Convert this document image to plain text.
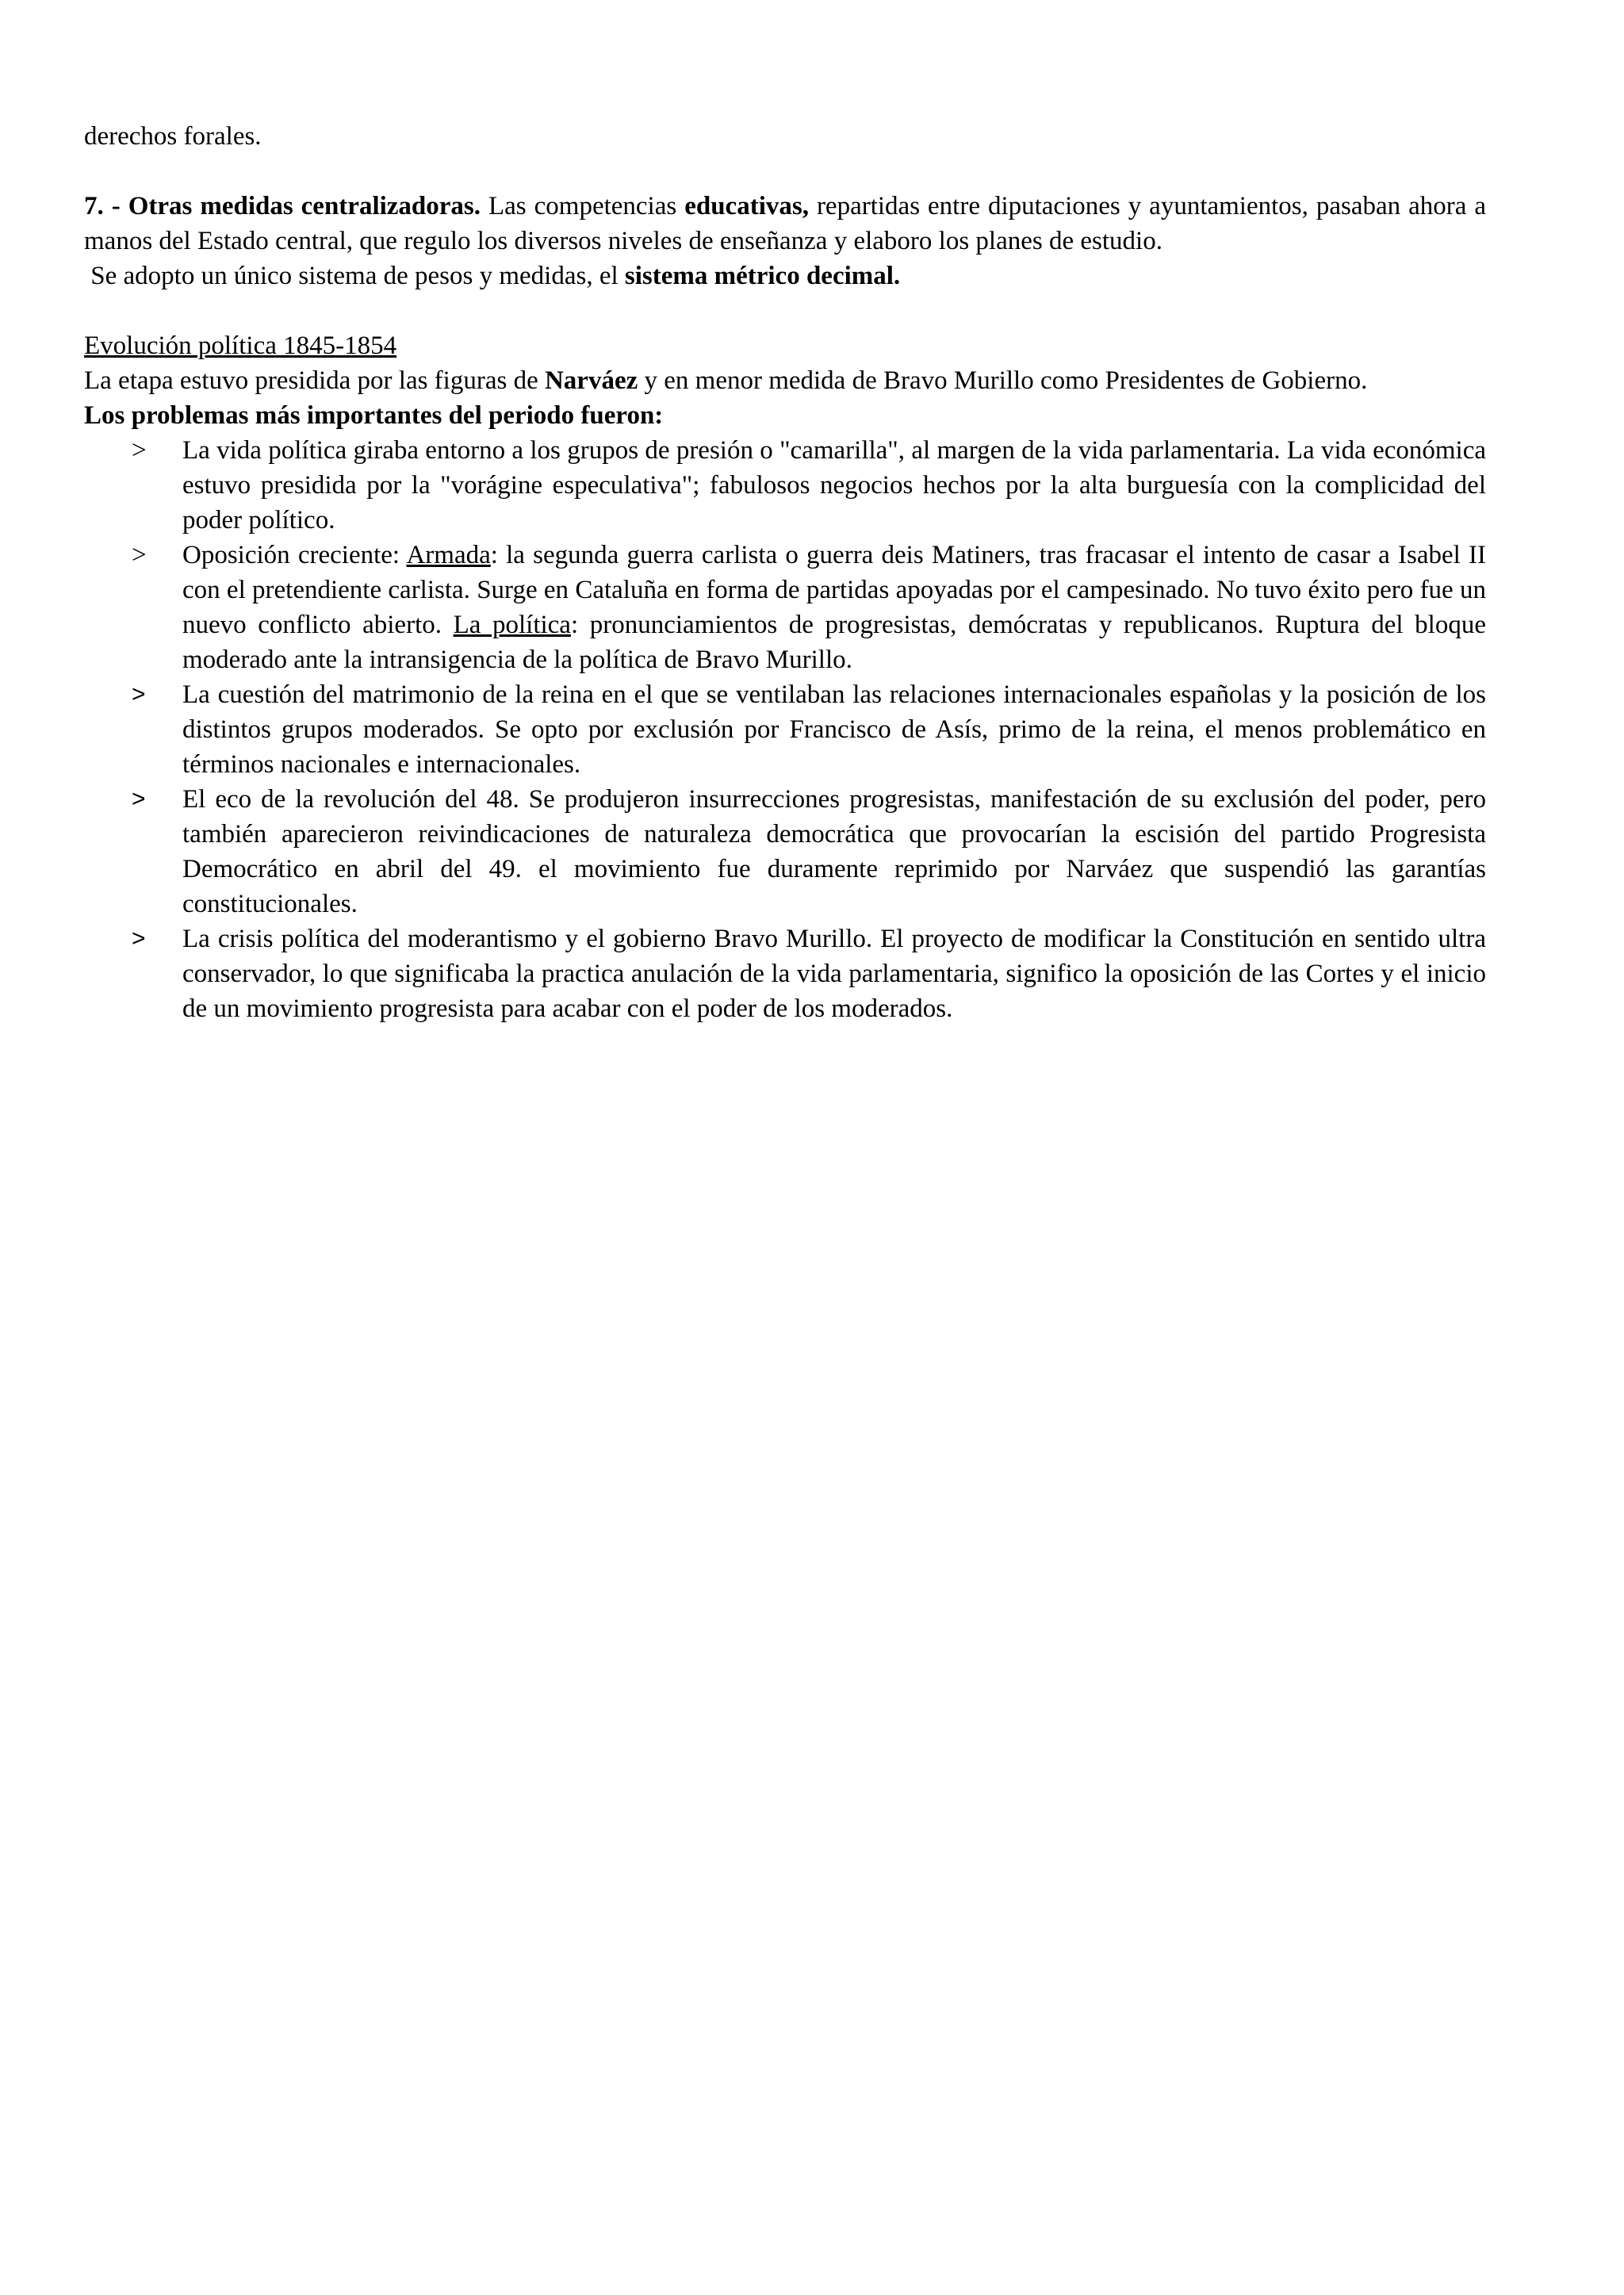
derechos forales.

7. - Otras medidas centralizadoras. Las competencias educativas, repartidas entre diputaciones y ayuntamientos, pasaban ahora a manos del Estado central, que regulo los diversos niveles de enseñanza y elaboro los planes de estudio.

Se adopto un único sistema de pesos y medidas, el sistema métrico decimal.

Evolución política 1845-1854

La etapa estuvo presidida por las figuras de Narváez y en menor medida de Bravo Murillo como Presidentes de Gobierno.

Los problemas más importantes del periodo fueron:

> La vida política giraba entorno a los grupos de presión o "camarilla", al margen de la vida parlamentaria. La vida económica estuvo presidida por la "vorágine especulativa"; fabulosos negocios hechos por la alta burguesía con la complicidad del poder político.
> Oposición creciente: Armada: la segunda guerra carlista o guerra deis Matiners, tras fracasar el intento de casar a Isabel II con el pretendiente carlista. Surge en Cataluña en forma de partidas apoyadas por el campesinado. No tuvo éxito pero fue un nuevo conflicto abierto. La política: pronunciamientos de progresistas, demócratas y republicanos. Ruptura del bloque moderado ante la intransigencia de la política de Bravo Murillo.
> La cuestión del matrimonio de la reina en el que se ventilaban las relaciones internacionales españolas y la posición de los distintos grupos moderados. Se opto por exclusión por Francisco de Asís, primo de la reina, el menos problemático en términos nacionales e internacionales.
> El eco de la revolución del 48. Se produjeron insurrecciones progresistas, manifestación de su exclusión del poder, pero también aparecieron reivindicaciones de naturaleza democrática que provocarían la escisión del partido Progresista Democrático en abril del 49. el movimiento fue duramente reprimido por Narváez que suspendió las garantías constitucionales.
> La crisis política del moderantismo y el gobierno Bravo Murillo. El proyecto de modificar la Constitución en sentido ultra conservador, lo que significaba la practica anulación de la vida parlamentaria, significo la oposición de las Cortes y el inicio de un movimiento progresista para acabar con el poder de los moderados.
